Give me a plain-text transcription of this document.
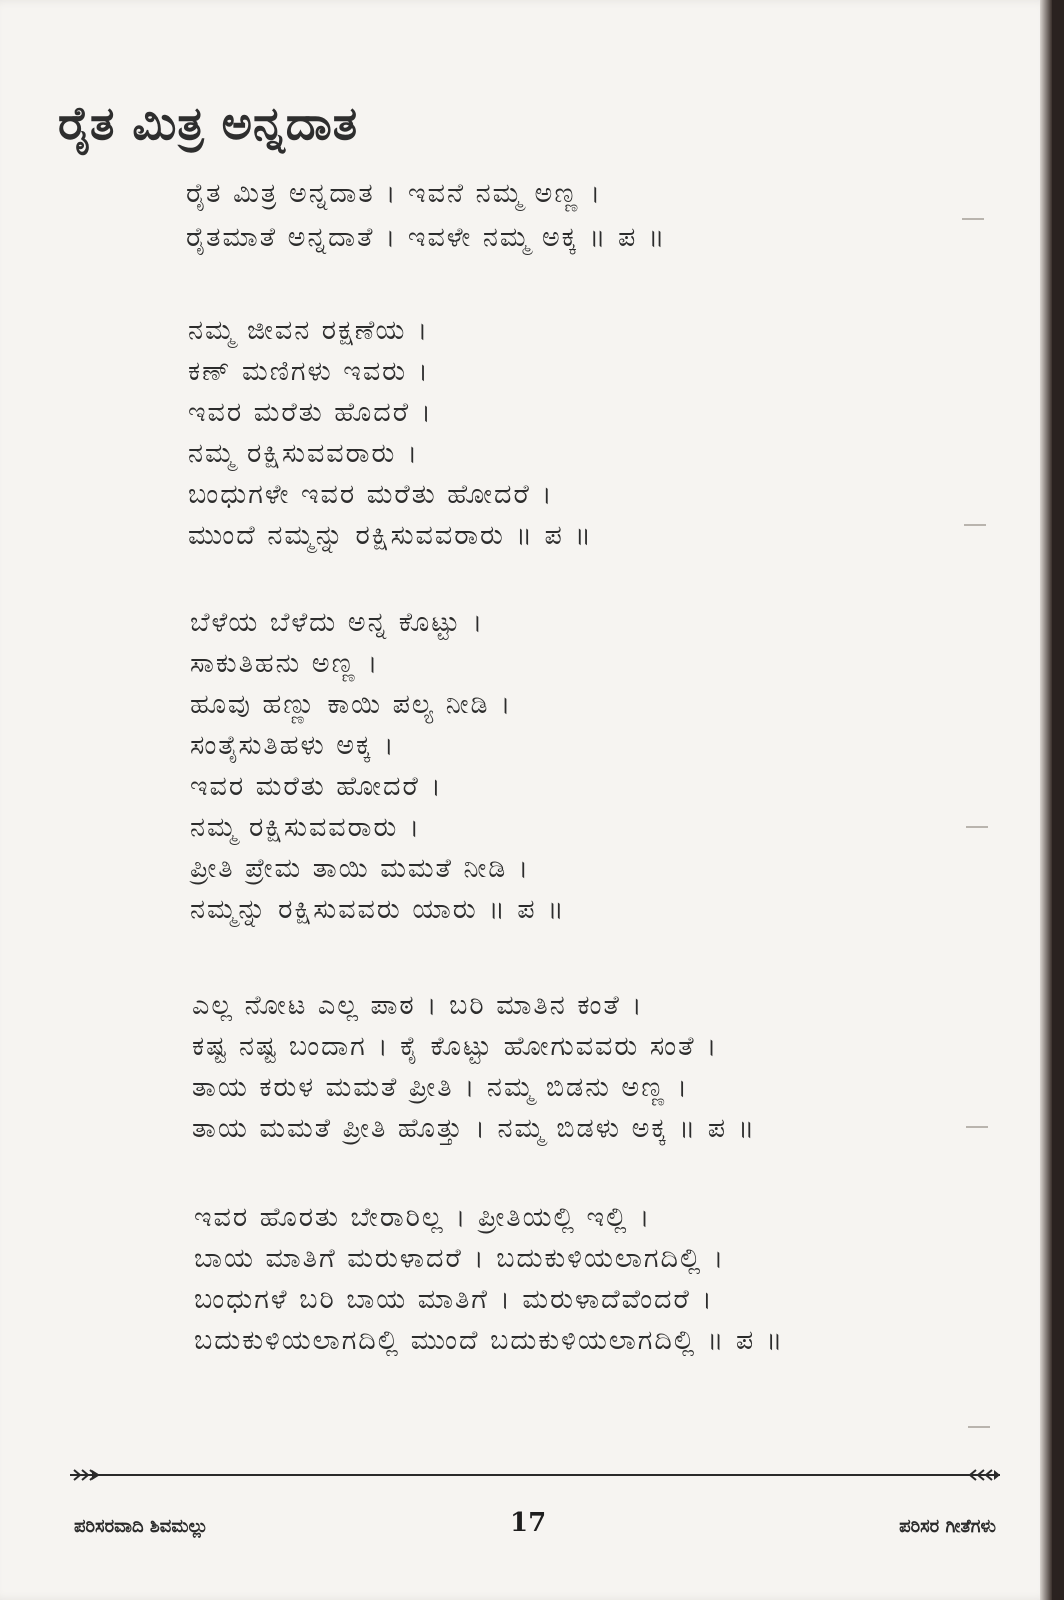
ರೈತ ಮಿತ್ರ ಅನ್ನದಾತ
ರೈತ ಮಿತ್ರ ಅನ್ನದಾತ । ಇವನೆ ನಮ್ಮ ಅಣ್ಣ ।
ರೈತಮಾತೆ ಅನ್ನದಾತೆ । ಇವಳೇ ನಮ್ಮ ಅಕ್ಕ ॥ ಪ ॥
ನಮ್ಮ ಜೀವನ ರಕ್ಷಣೆಯ ।
ಕಣ್ ಮಣಿಗಳು ಇವರು ।
ಇವರ ಮರೆತು ಹೊದರೆ ।
ನಮ್ಮ ರಕ್ಷಿಸುವವರಾರು ।
ಬಂಧುಗಳೇ ಇವರ ಮರೆತು ಹೋದರೆ ।
ಮುಂದೆ ನಮ್ಮನ್ನು ರಕ್ಷಿಸುವವರಾರು ॥ ಪ ॥
ಬೆಳೆಯ ಬೆಳೆದು ಅನ್ನ ಕೊಟ್ಟು ।
ಸಾಕುತಿಹನು ಅಣ್ಣ ।
ಹೂವು ಹಣ್ಣು ಕಾಯಿ ಪಲ್ಯ ನೀಡಿ ।
ಸಂತೈಸುತಿಹಳು ಅಕ್ಕ ।
ಇವರ ಮರೆತು ಹೋದರೆ ।
ನಮ್ಮ ರಕ್ಷಿಸುವವರಾರು ।
ಪ್ರೀತಿ ಪ್ರೇಮ ತಾಯಿ ಮಮತೆ ನೀಡಿ ।
ನಮ್ಮನ್ನು ರಕ್ಷಿಸುವವರು ಯಾರು ॥ ಪ ॥
ಎಲ್ಲ ನೋಟ ಎಲ್ಲ ಪಾಠ । ಬರಿ ಮಾತಿನ ಕಂತೆ ।
ಕಷ್ಟ ನಷ್ಟ ಬಂದಾಗ । ಕೈ ಕೊಟ್ಟು ಹೋಗುವವರು ಸಂತೆ ।
ತಾಯ ಕರುಳ ಮಮತೆ ಪ್ರೀತಿ । ನಮ್ಮ ಬಿಡನು ಅಣ್ಣ ।
ತಾಯ ಮಮತೆ ಪ್ರೀತಿ ಹೊತ್ತು । ನಮ್ಮ ಬಿಡಳು ಅಕ್ಕ ॥ ಪ ॥
ಇವರ ಹೊರತು ಬೇರಾರಿಲ್ಲ । ಪ್ರೀತಿಯಲ್ಲಿ ಇಲ್ಲಿ ।
ಬಾಯ ಮಾತಿಗೆ ಮರುಳಾದರೆ । ಬದುಕುಳಿಯಲಾಗದಿಲ್ಲಿ ।
ಬಂಧುಗಳೆ ಬರಿ ಬಾಯ ಮಾತಿಗೆ । ಮರುಳಾದೆವೆಂದರೆ ।
ಬದುಕುಳಿಯಲಾಗದಿಲ್ಲಿ ಮುಂದೆ ಬದುಕುಳಿಯಲಾಗದಿಲ್ಲಿ ॥ ಪ ॥
ಪರಿಸರವಾದಿ ಶಿವಮಲ್ಲು	17	ಪರಿಸರ ಗೀತೆಗಳು
